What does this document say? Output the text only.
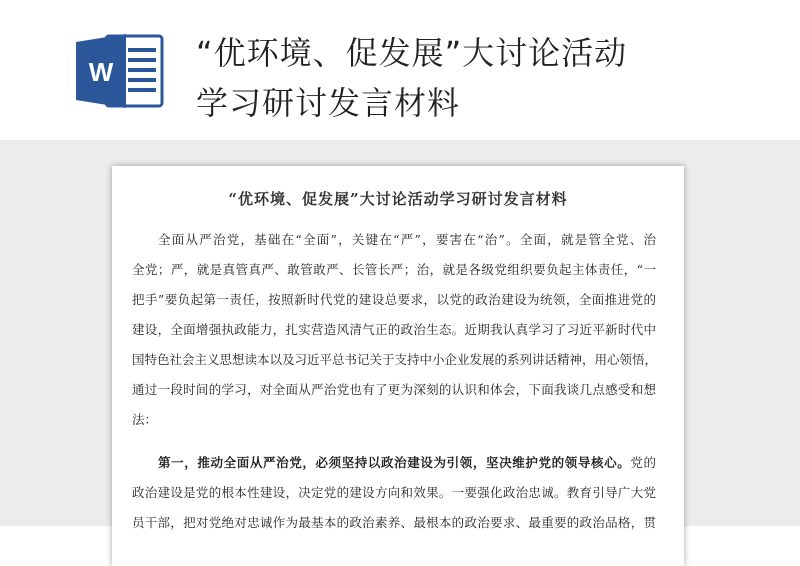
W	“优环境、促发展”大讨论活动
学习研讨发言材料
“优环境、促发展”大讨论活动学习研讨发言材料
全面从严治党，基础在“全面”，关键在“严”，要害在“治”。全面，就是管全党、治
全党；严，就是真管真严、敢管敢严、长管长严；治，就是各级党组织要负起主体责任，“一
把手”要负起第一责任，按照新时代党的建设总要求，以党的政治建设为统领，全面推进党的
建设，全面增强执政能力，扎实营造风清气正的政治生态。近期我认真学习了习近平新时代中
国特色社会主义思想读本以及习近平总书记关于支持中小企业发展的系列讲话精神，用心领悟，
通过一段时间的学习，对全面从严治党也有了更为深刻的认识和体会，下面我谈几点感受和想
法：
第一，推动全面从严治党，必须坚持以政治建设为引领，坚决维护党的领导核心。党的
政治建设是党的根本性建设，决定党的建设方向和效果。一要强化政治忠诚。教育引导广大党
员干部，把对党绝对忠诚作为最基本的政治素养、最根本的政治要求、最重要的政治品格，贯
